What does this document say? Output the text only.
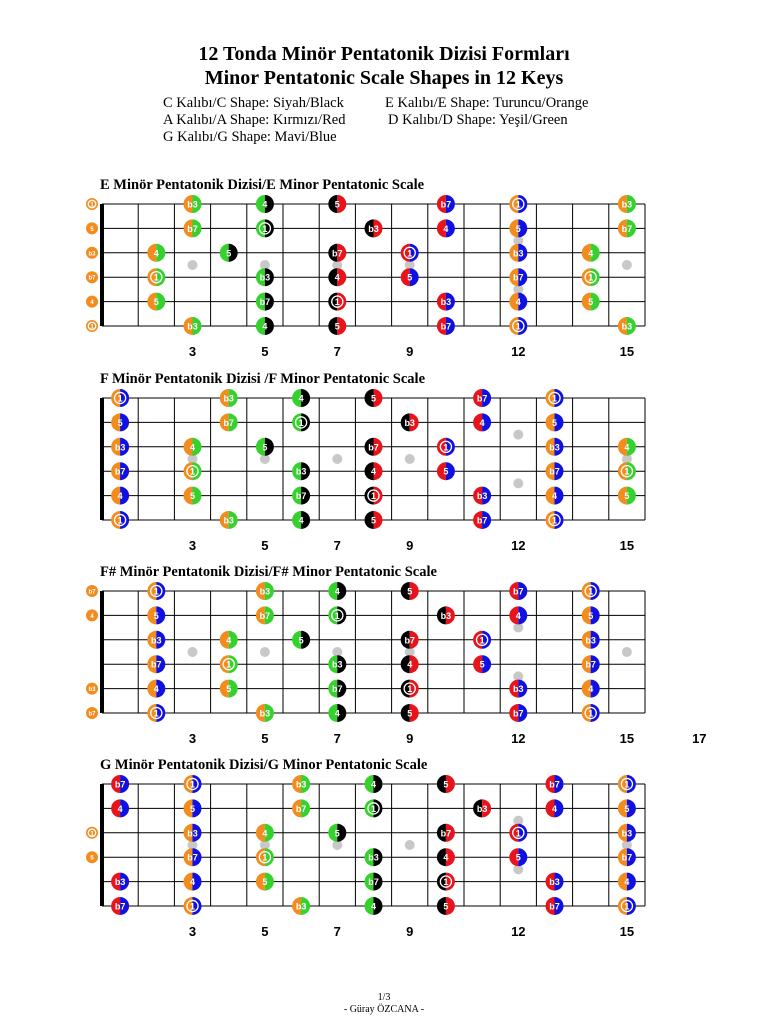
12 Tonda Minör Pentatonik Dizisi Formları
Minor Pentatonic Scale Shapes in 12 Keys
C Kalıbı/C Shape: Siyah/Black	E Kalıbı/E Shape: Turuncu/Orange
A Kalıbı/A Shape: Kırmızı/Red	D Kalıbı/D Shape: Yeşil/Green
G Kalıbı/G Shape: Mavi/Blue
E Minör Pentatonik Dizisi/E Minor Pentatonic Scale
1	b3	4	5	b7	1	b3
5	b7	1	b3	4	5	b7
b3	4	5	b7	1	b3	4
b7	1	b3	4	5	b7	1
4	5	b7	1	b3	4	5
1	b3	4	5	b7	1	b3
3	5	7	9	12	15
F Minör Pentatonik Dizisi /F Minor Pentatonic Scale
1	b3	4	5	b7	1
5	b7	1	b3	4	5
b3	4	5	b7	1	b3	4
b7	1	b3	4	5	b7	1
4	5	b7	1	b3	4	5
1	b3	4	5	b7	1
3	5	7	9	12	15
F# Minör Pentatonik Dizisi/F# Minor Pentatonic Scale
b7	1	b3	4	5	b7	1
4	5	b7	1	b3	4	5
b3	4	5	b7	1	b3
b7	1	b3	4	5	b7
b3	4	5	b7	1	b3	4
b7	1	b3	4	5	b7	1
3	5	7	9	12	15	17
G Minör Pentatonik Dizisi/G Minor Pentatonic Scale
b7	1	b3	4	5	b7	1
4	5	b7	1	b3	4	5
1	b3	4	5	b7	1	b3
5	b7	1	b3	4	5	b7
b3	4	5	b7	1	b3	4
b7	1	b3	4	5	b7	1
3	5	7	9	12	15
1/3
- Güray ÖZCANA -
